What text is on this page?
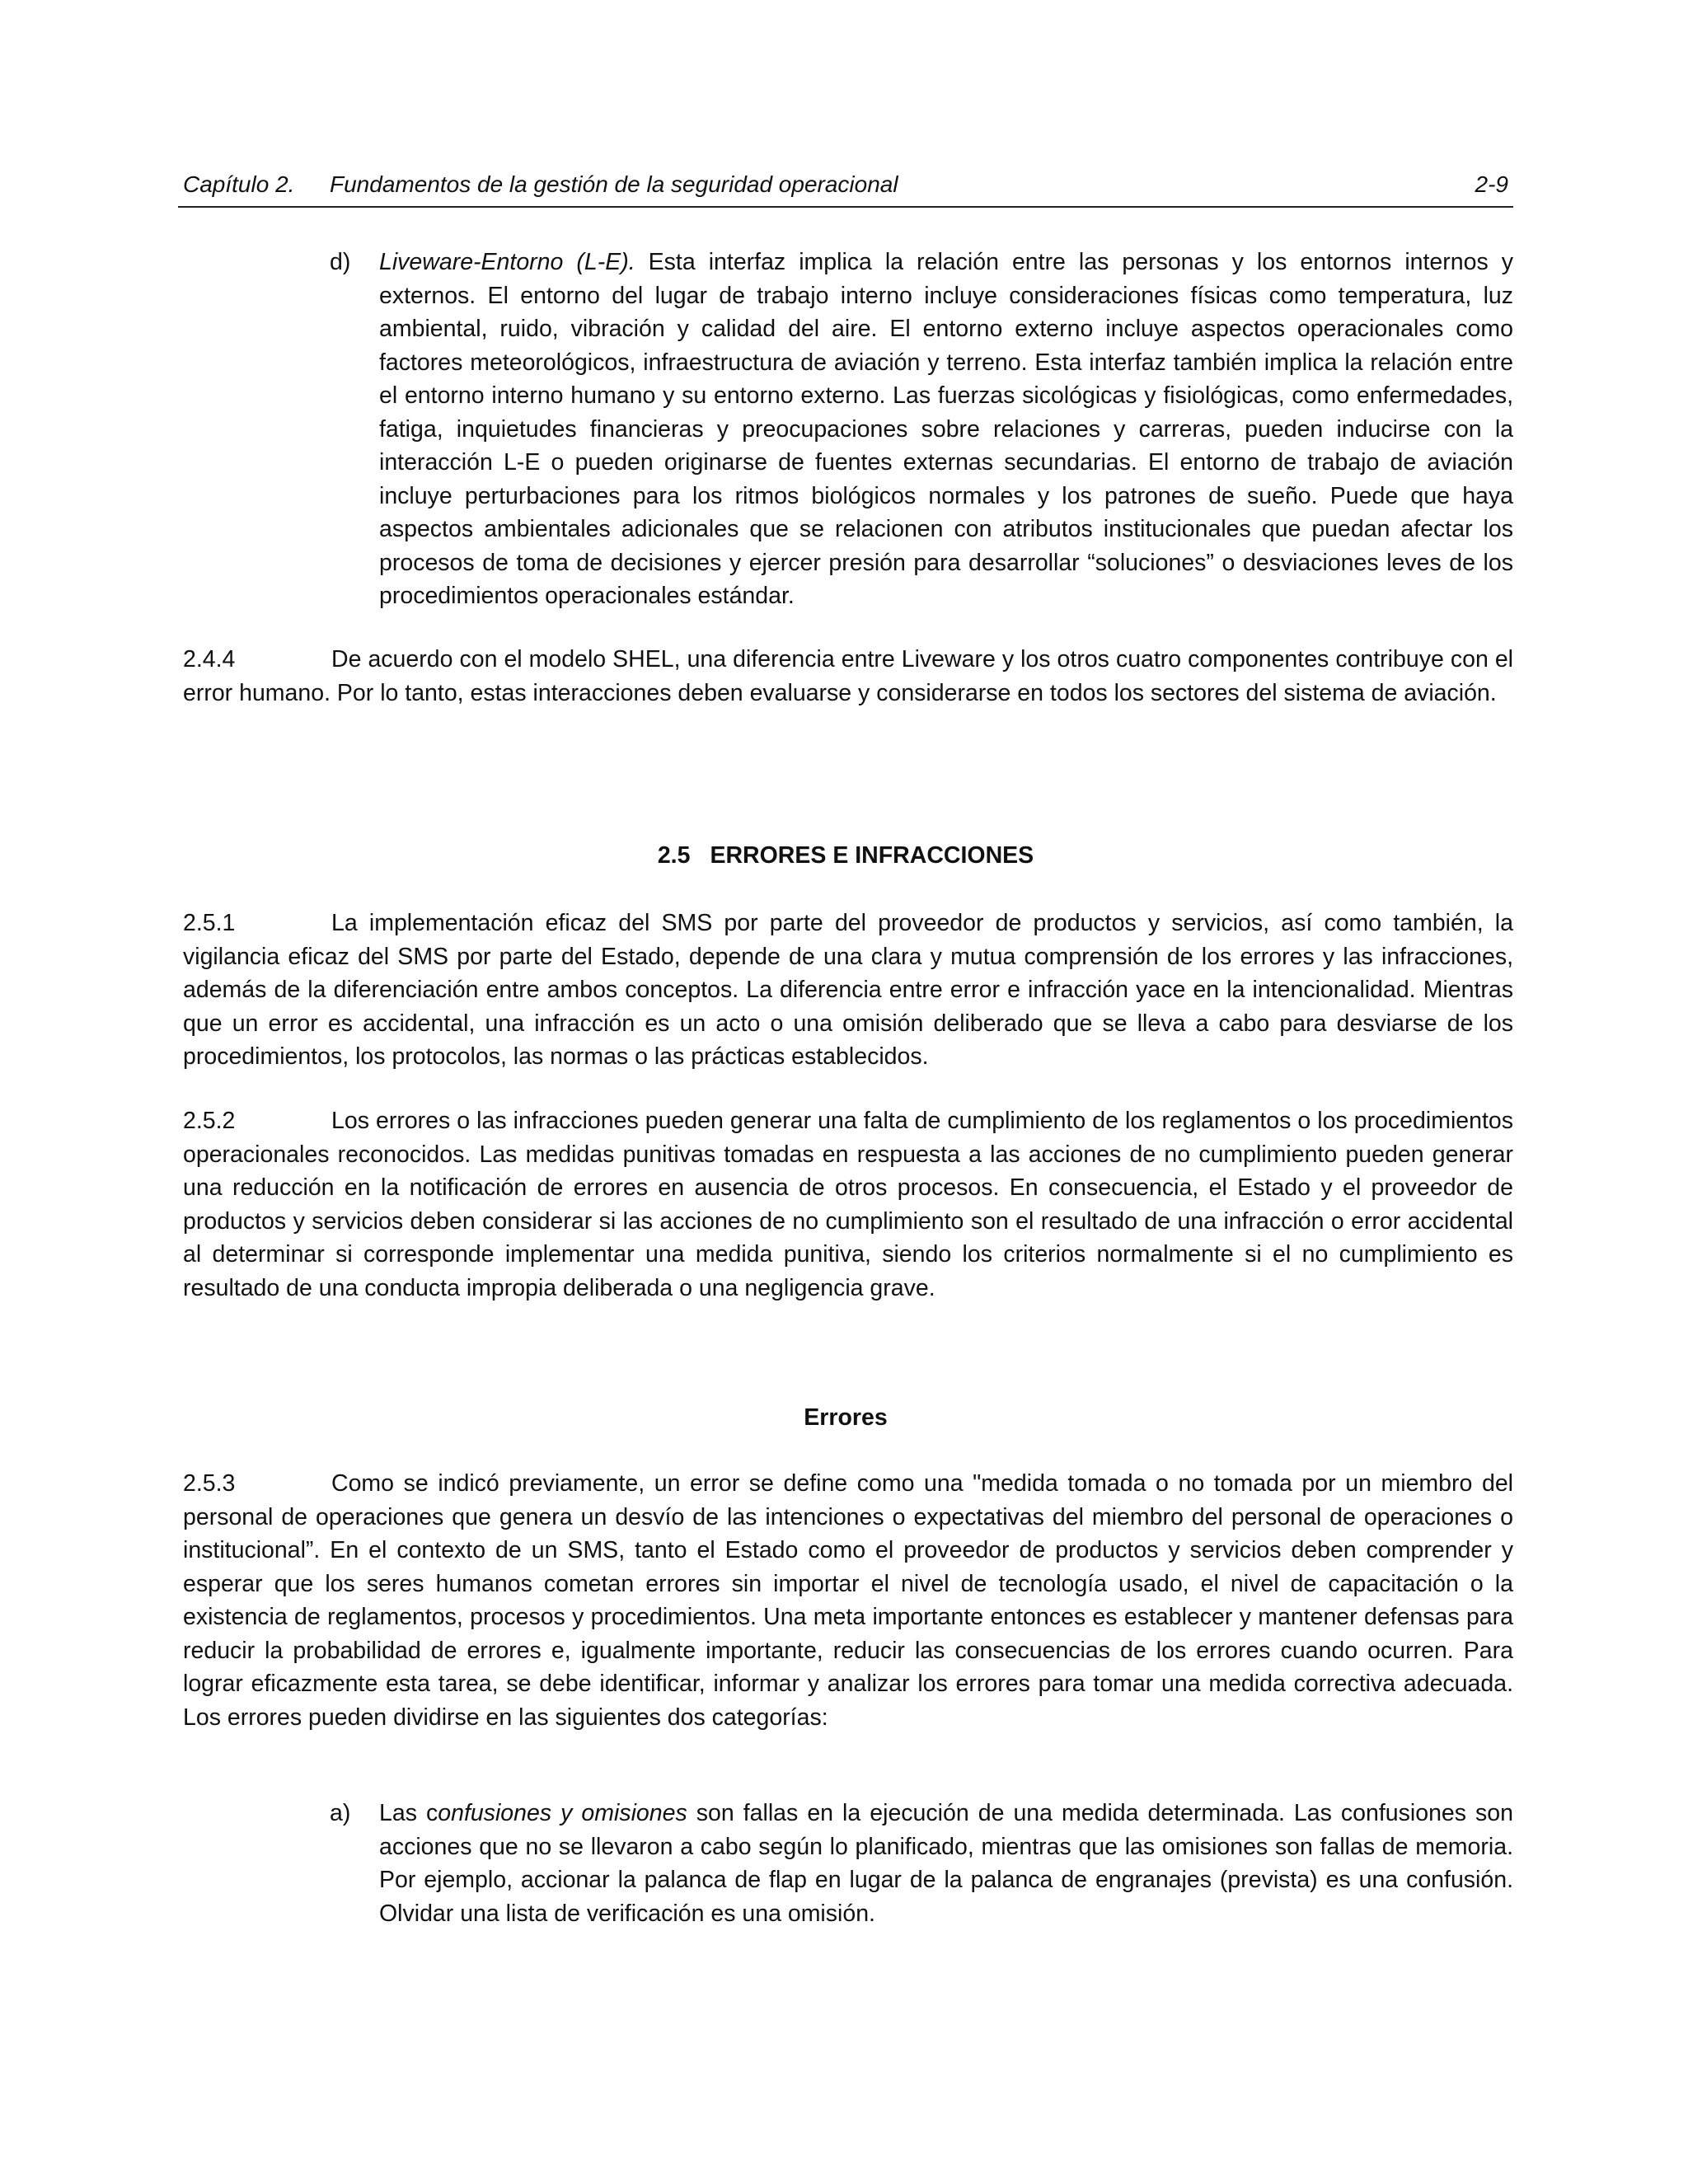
Capítulo 2. Fundamentos de la gestión de la seguridad operacional	2-9
d) Liveware-Entorno (L-E). Esta interfaz implica la relación entre las personas y los entornos internos y externos. El entorno del lugar de trabajo interno incluye consideraciones físicas como temperatura, luz ambiental, ruido, vibración y calidad del aire. El entorno externo incluye aspectos operacionales como factores meteorológicos, infraestructura de aviación y terreno. Esta interfaz también implica la relación entre el entorno interno humano y su entorno externo. Las fuerzas sicológicas y fisiológicas, como enfermedades, fatiga, inquietudes financieras y preocupaciones sobre relaciones y carreras, pueden inducirse con la interacción L-E o pueden originarse de fuentes externas secundarias. El entorno de trabajo de aviación incluye perturbaciones para los ritmos biológicos normales y los patrones de sueño. Puede que haya aspectos ambientales adicionales que se relacionen con atributos institucionales que puedan afectar los procesos de toma de decisiones y ejercer presión para desarrollar “soluciones” o desviaciones leves de los procedimientos operacionales estándar.
2.4.4	De acuerdo con el modelo SHEL, una diferencia entre Liveware y los otros cuatro componentes contribuye con el error humano. Por lo tanto, estas interacciones deben evaluarse y considerarse en todos los sectores del sistema de aviación.
2.5 ERRORES E INFRACCIONES
2.5.1	La implementación eficaz del SMS por parte del proveedor de productos y servicios, así como también, la vigilancia eficaz del SMS por parte del Estado, depende de una clara y mutua comprensión de los errores y las infracciones, además de la diferenciación entre ambos conceptos. La diferencia entre error e infracción yace en la intencionalidad. Mientras que un error es accidental, una infracción es un acto o una omisión deliberado que se lleva a cabo para desviarse de los procedimientos, los protocolos, las normas o las prácticas establecidos.
2.5.2	Los errores o las infracciones pueden generar una falta de cumplimiento de los reglamentos o los procedimientos operacionales reconocidos. Las medidas punitivas tomadas en respuesta a las acciones de no cumplimiento pueden generar una reducción en la notificación de errores en ausencia de otros procesos. En consecuencia, el Estado y el proveedor de productos y servicios deben considerar si las acciones de no cumplimiento son el resultado de una infracción o error accidental al determinar si corresponde implementar una medida punitiva, siendo los criterios normalmente si el no cumplimiento es resultado de una conducta impropia deliberada o una negligencia grave.
Errores
2.5.3	Como se indicó previamente, un error se define como una "medida tomada o no tomada por un miembro del personal de operaciones que genera un desvío de las intenciones o expectativas del miembro del personal de operaciones o institucional”. En el contexto de un SMS, tanto el Estado como el proveedor de productos y servicios deben comprender y esperar que los seres humanos cometan errores sin importar el nivel de tecnología usado, el nivel de capacitación o la existencia de reglamentos, procesos y procedimientos. Una meta importante entonces es establecer y mantener defensas para reducir la probabilidad de errores e, igualmente importante, reducir las consecuencias de los errores cuando ocurren. Para lograr eficazmente esta tarea, se debe identificar, informar y analizar los errores para tomar una medida correctiva adecuada. Los errores pueden dividirse en las siguientes dos categorías:
a) Las confusiones y omisiones son fallas en la ejecución de una medida determinada. Las confusiones son acciones que no se llevaron a cabo según lo planificado, mientras que las omisiones son fallas de memoria. Por ejemplo, accionar la palanca de flap en lugar de la palanca de engranajes (prevista) es una confusión. Olvidar una lista de verificación es una omisión.
